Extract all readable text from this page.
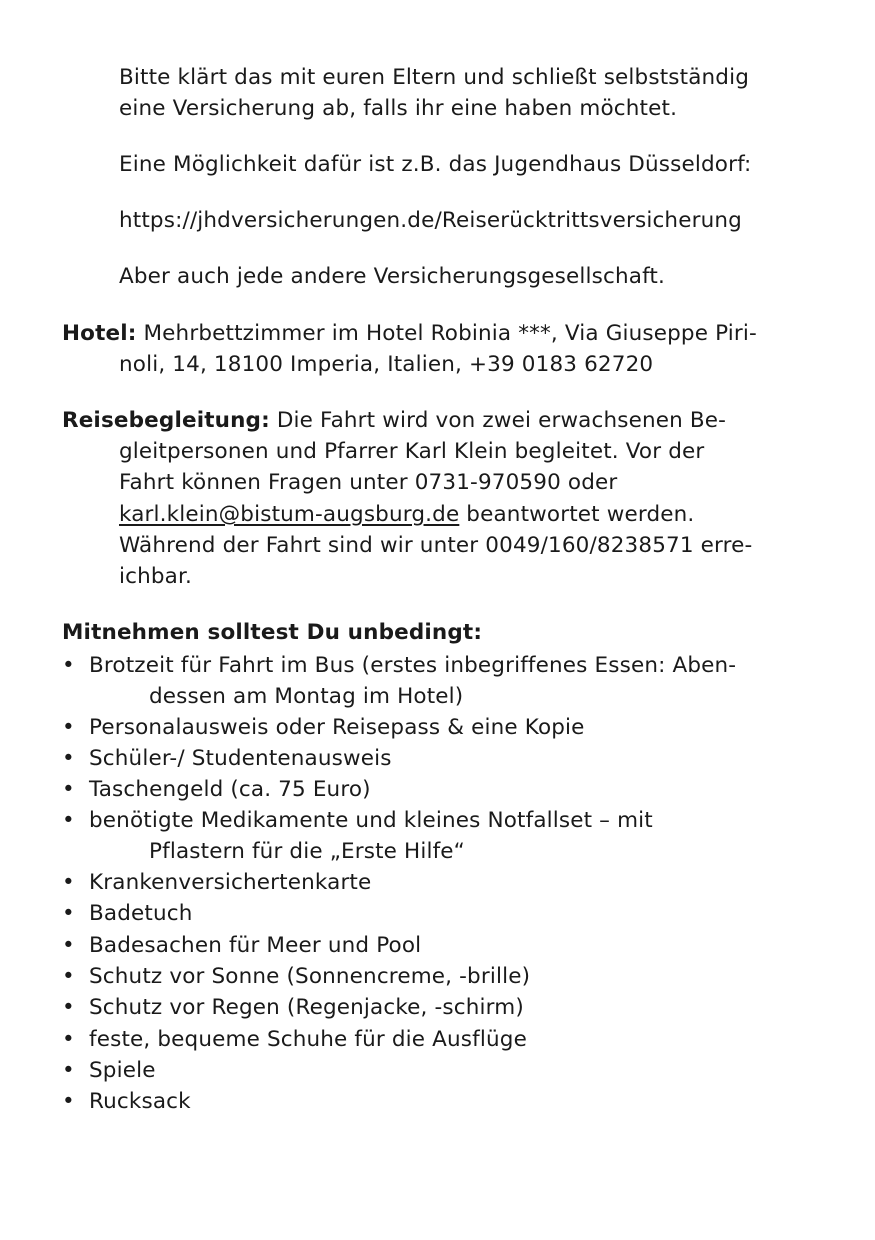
Bitte klärt das mit euren Eltern und schließt selbstständig
eine Versicherung ab, falls ihr eine haben möchtet.
Eine Möglichkeit dafür ist z.B. das Jugendhaus Düsseldorf:
https://jhdversicherungen.de/Reiserücktrittsversicherung
Aber auch jede andere Versicherungsgesellschaft.
Hotel: Mehrbettzimmer im Hotel Robinia ***, Via Giuseppe Piri-
noli, 14, 18100 Imperia, Italien, +39 0183 62720
Reisebegleitung: Die Fahrt wird von zwei erwachsenen Be-
gleitpersonen und Pfarrer Karl Klein begleitet. Vor der
Fahrt können Fragen unter 0731-970590 oder
karl.klein@bistum-augsburg.de beantwortet werden.
Während der Fahrt sind wir unter 0049/160/8238571 erre-
ichbar.
Mitnehmen solltest Du unbedingt:
• Brotzeit für Fahrt im Bus (erstes inbegriffenes Essen: Aben-
dessen am Montag im Hotel)
• Personalausweis oder Reisepass & eine Kopie
• Schüler-/ Studentenausweis
• Taschengeld (ca. 75 Euro)
• benötigte Medikamente und kleines Notfallset – mit
Pflastern für die „Erste Hilfe“
• Krankenversichertenkarte
• Badetuch
• Badesachen für Meer und Pool
• Schutz vor Sonne (Sonnencreme, -brille)
• Schutz vor Regen (Regenjacke, -schirm)
• feste, bequeme Schuhe für die Ausflüge
• Spiele
• Rucksack
